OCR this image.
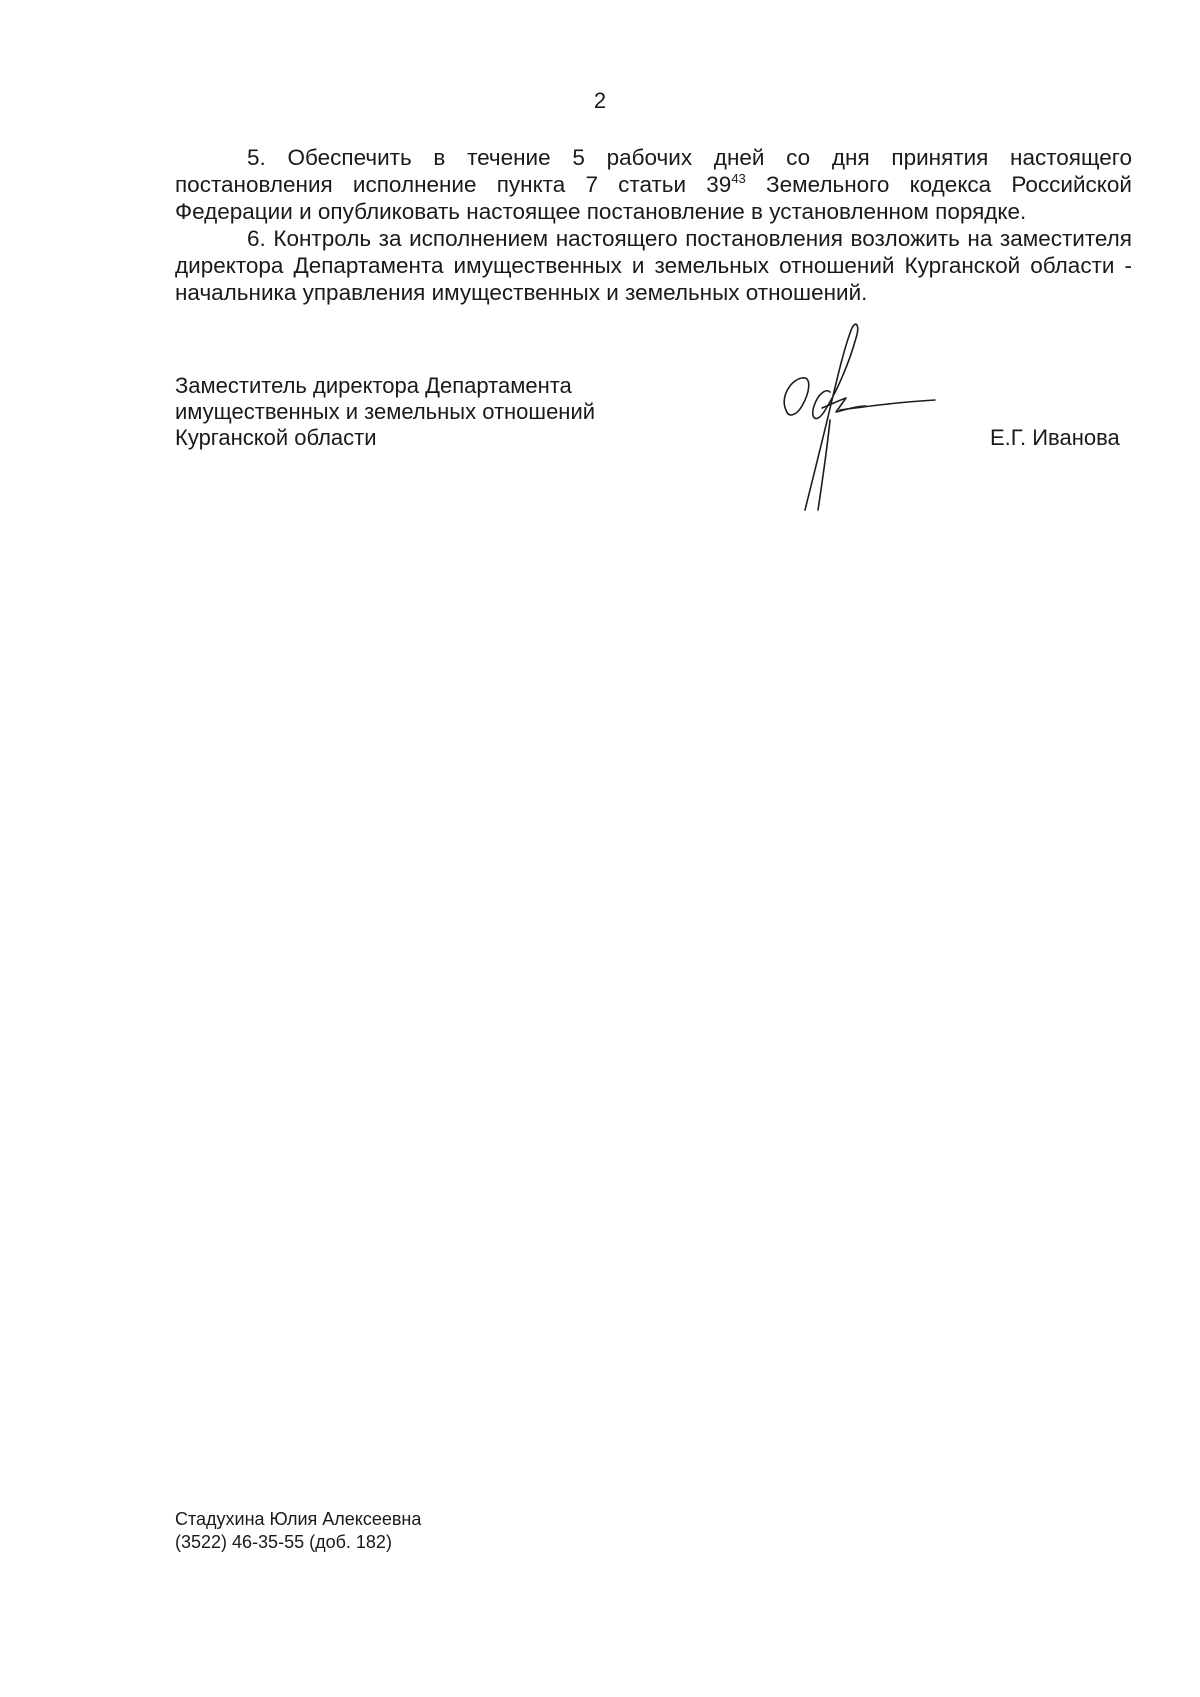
2

5. Обеспечить в течение 5 рабочих дней со дня принятия настоящего постановления исполнение пункта 7 статьи $39^{43}$ Земельного кодекса Российской Федерации и опубликовать настоящее постановление в установленном порядке.

6. Контроль за исполнением настоящего постановления возложить на заместителя директора Департамента имущественных и земельных отношений Курганской области - начальника управления имущественных и земельных отношений.

Заместитель директора Департамента
имущественных и земельных отношений
Курганской области	Е.Г. Иванова
Стадухина Юлия Алексеевна
(3522) 46-35-55 (доб. 182)
